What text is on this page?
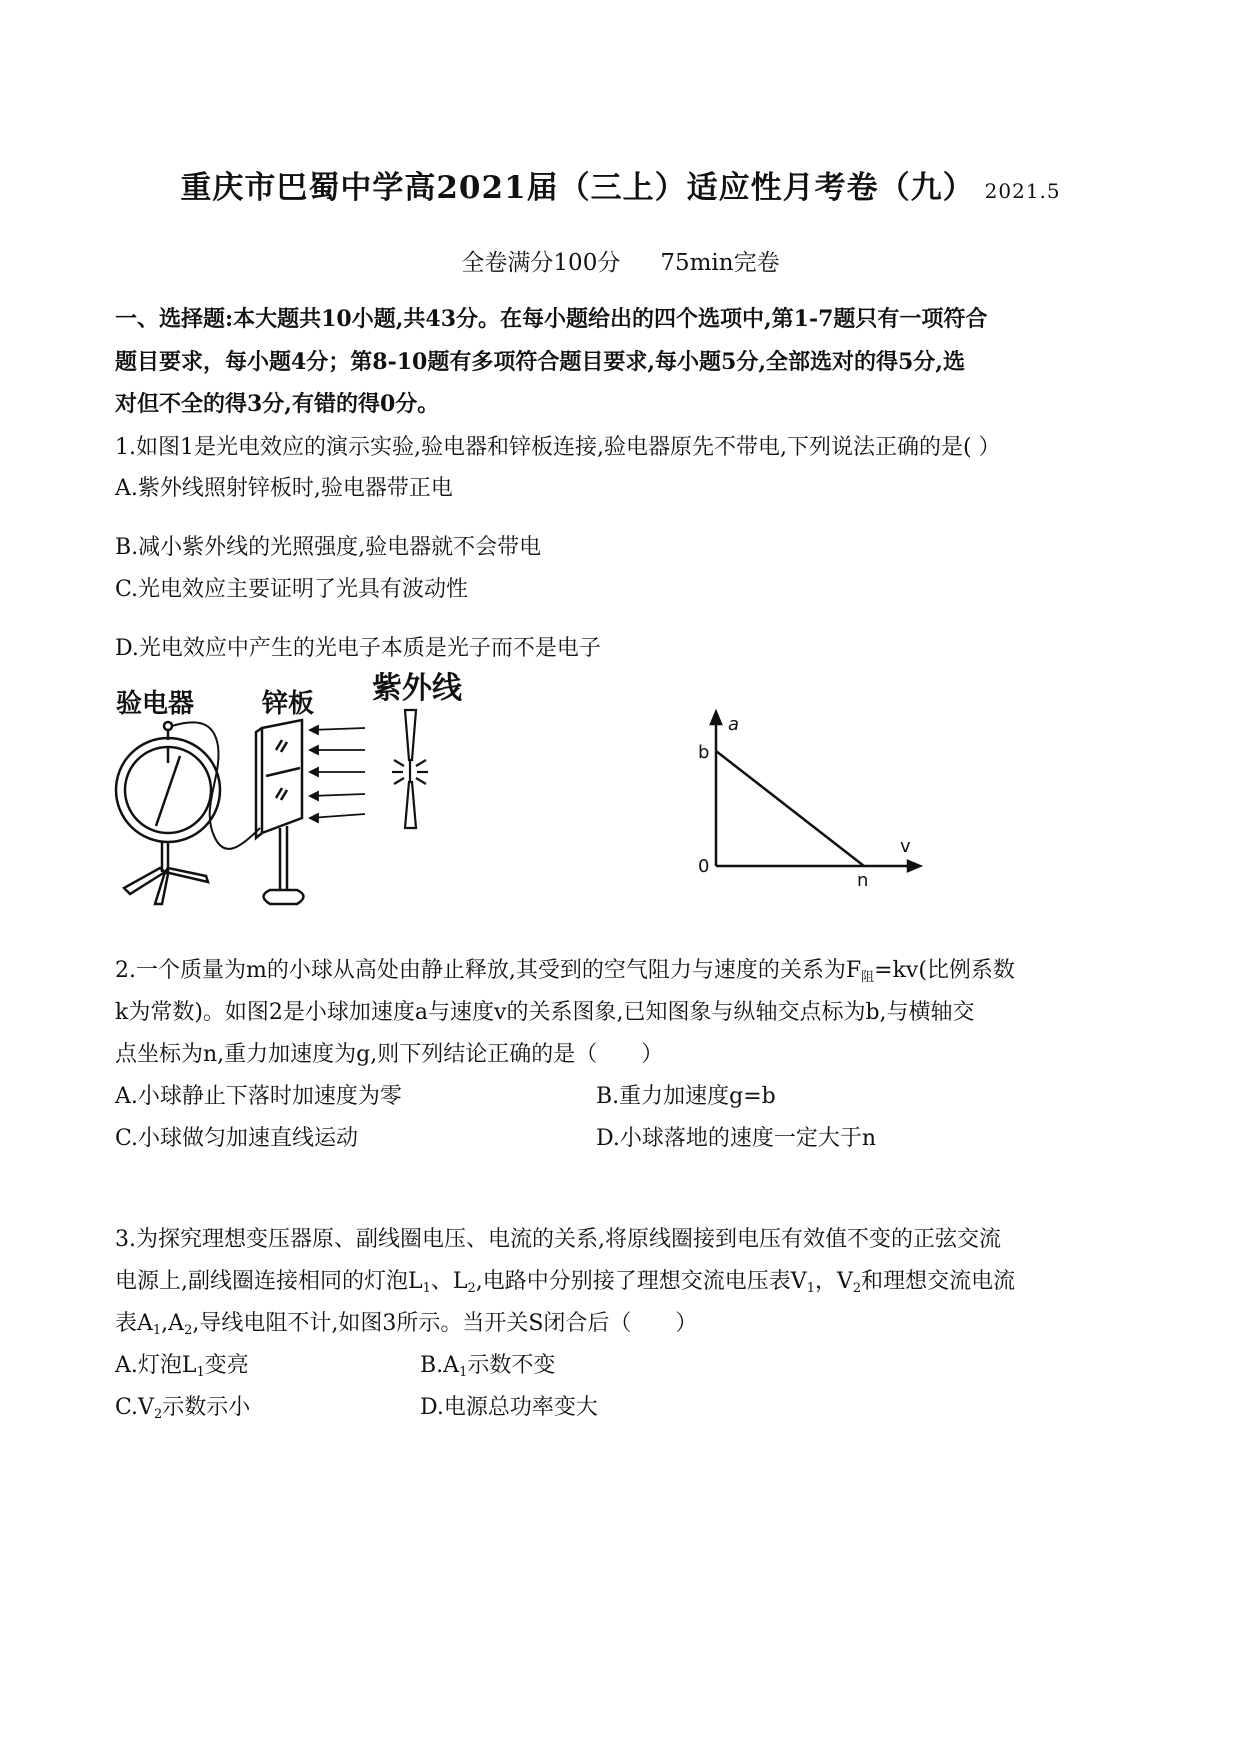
重庆市巴蜀中学高2021届（三上）适应性月考卷（九） 2021.5
全卷满分100分 75min完卷
一、选择题:本大题共10小题,共43分。在每小题给出的四个选项中,第1-7题只有一项符合
题目要求，每小题4分；第8-10题有多项符合题目要求,每小题5分,全部选对的得5分,选
对但不全的得3分,有错的得0分。
1.如图1是光电效应的演示实验,验电器和锌板连接,验电器原先不带电,下列说法正确的是( ）
A.紫外线照射锌板时,验电器带正电
B.减小紫外线的光照强度,验电器就不会带电
C.光电效应主要证明了光具有波动性
D.光电效应中产生的光电子本质是光子而不是电子
验电器	锌板 紫外线
a
v
0
b
n
2.一个质量为m的小球从高处由静止释放,其受到的空气阻力与速度的关系为$F_阻=kv$(比例系数
k为常数)。如图2是小球加速度a与速度v的关系图象,已知图象与纵轴交点标为b,与横轴交
点坐标为n,重力加速度为g,则下列结论正确的是（　　）
A.小球静止下落时加速度为零	B.重力加速度g=b
C.小球做匀加速直线运动	D.小球落地的速度一定大于n
3.为探究理想变压器原、副线圈电压、电流的关系,将原线圈接到电压有效值不变的正弦交流
电源上,副线圈连接相同的灯泡$L_1$、$L_2$,电路中分别接了理想交流电压表$V_1$，$V_2$和理想交流电流
表$A_1,A_2$,导线电阻不计,如图3所示。当开关S闭合后（　　）
A.灯泡$L_1$变亮	$B.A_1$示数不变
$C.V_2$示数示小	D.电源总功率变大
